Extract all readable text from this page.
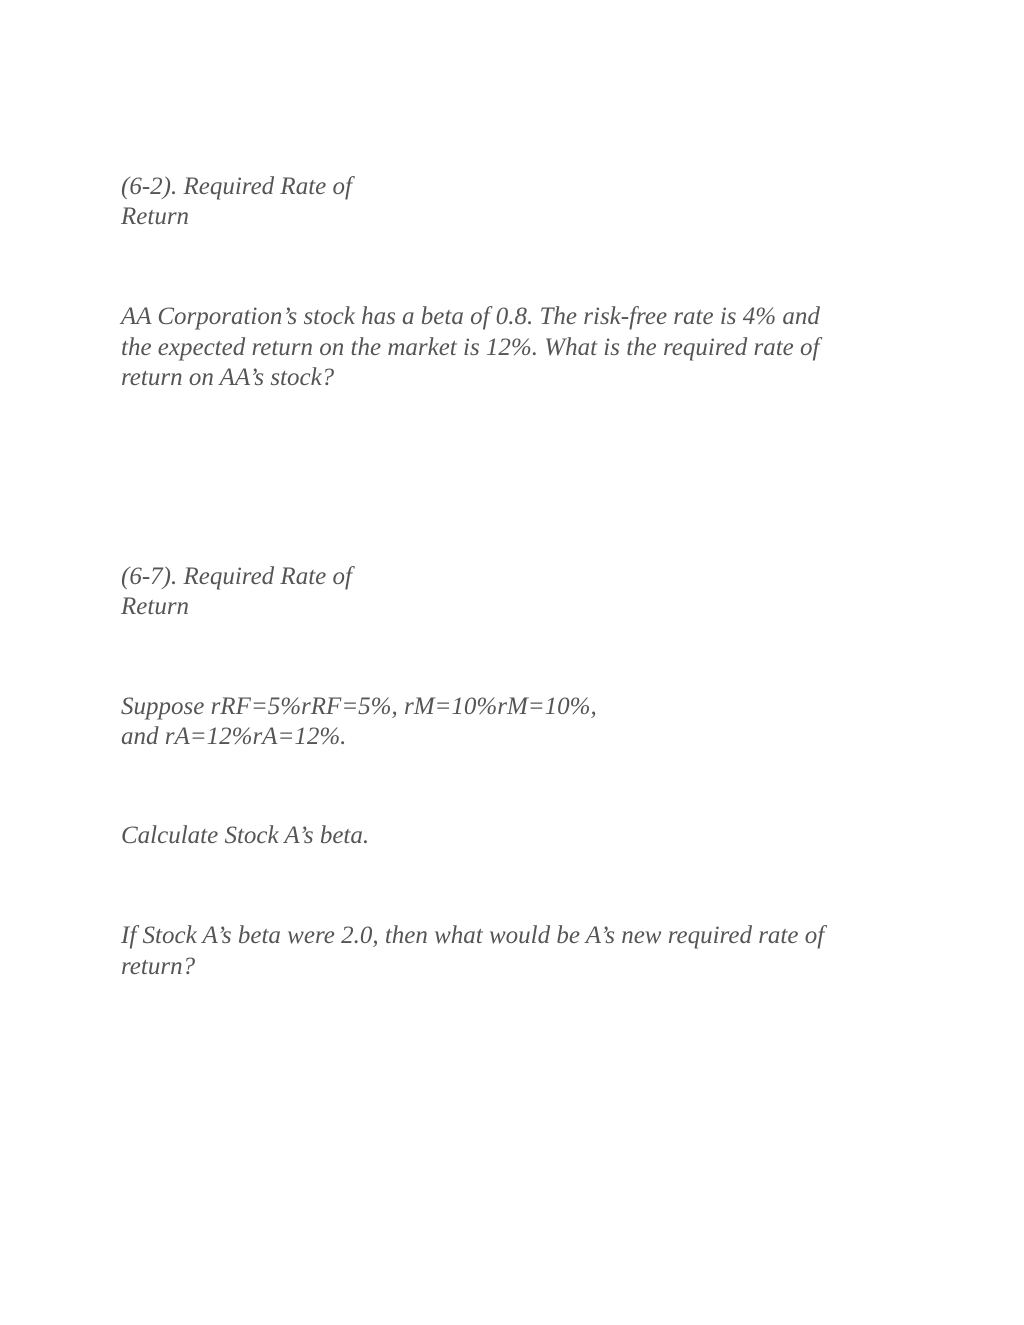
(6-2). Required Rate of
Return
AA Corporation’s stock has a beta of 0.8. The risk-free rate is 4% and
the expected return on the market is 12%. What is the required rate of
return on AA’s stock?
(6-7). Required Rate of
Return
Suppose rRF=5%rRF=5%, rM=10%rM=10%,
and rA=12%rA=12%.
Calculate Stock A’s beta.
If Stock A’s beta were 2.0, then what would be A’s new required rate of
return?
